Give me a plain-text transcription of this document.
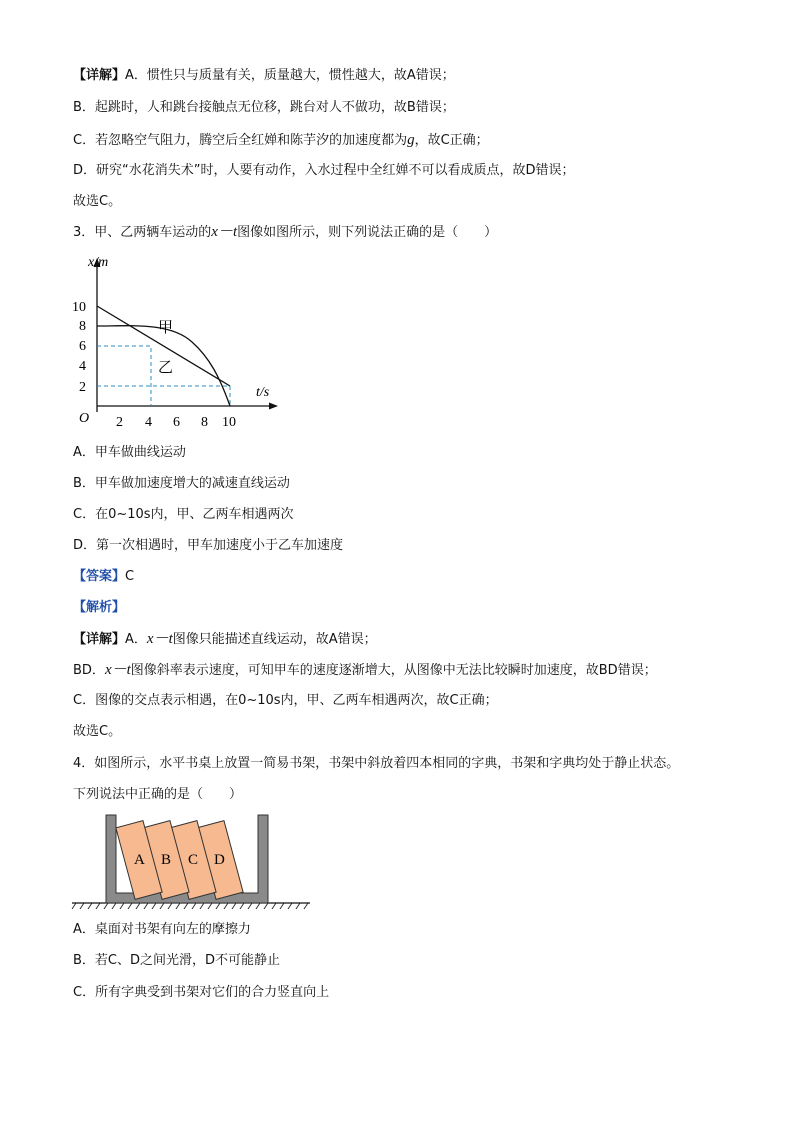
【详解】A．惯性只与质量有关，质量越大，惯性越大，故A错误；
B．起跳时，人和跳台接触点无位移，跳台对人不做功，故B错误；
C．若忽略空气阻力，腾空后全红婵和陈芋汐的加速度都为g，故C正确；
D．研究“水花消失术”时，人要有动作，入水过程中全红婵不可以看成质点，故D错误；
故选C。
3．甲、乙两辆车运动的x－t图像如图所示，则下列说法正确的是（　　）
x/m
t/s
O
10
8
6
4
2
2 4 6 8 10
甲
乙
A．甲车做曲线运动
B．甲车做加速度增大的减速直线运动
C．在0~10s内，甲、乙两车相遇两次
D．第一次相遇时，甲车加速度小于乙车加速度
【答案】C
【解析】
【详解】A．x－t图像只能描述直线运动，故A错误；
BD．x－t图像斜率表示速度，可知甲车的速度逐渐增大，从图像中无法比较瞬时加速度，故BD错误；
C．图像的交点表示相遇，在0~10s内，甲、乙两车相遇两次，故C正确；
故选C。
4．如图所示，水平书桌上放置一简易书架，书架中斜放着四本相同的字典，书架和字典均处于静止状态。
下列说法中正确的是（　　）
A B C D
A．桌面对书架有向左的摩擦力
B．若C、D之间光滑，D不可能静止
C．所有字典受到书架对它们的合力竖直向上
